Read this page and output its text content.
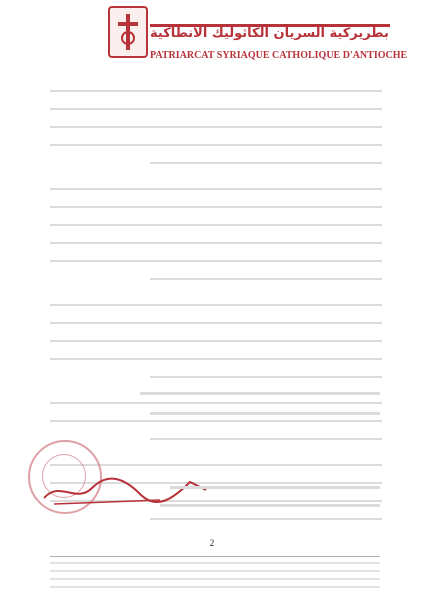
بطريركية السريان الكاثوليك الأنطاكية
PATRIARCAT SYRIAQUE CATHOLIQUE D'ANTIOCHE
2
